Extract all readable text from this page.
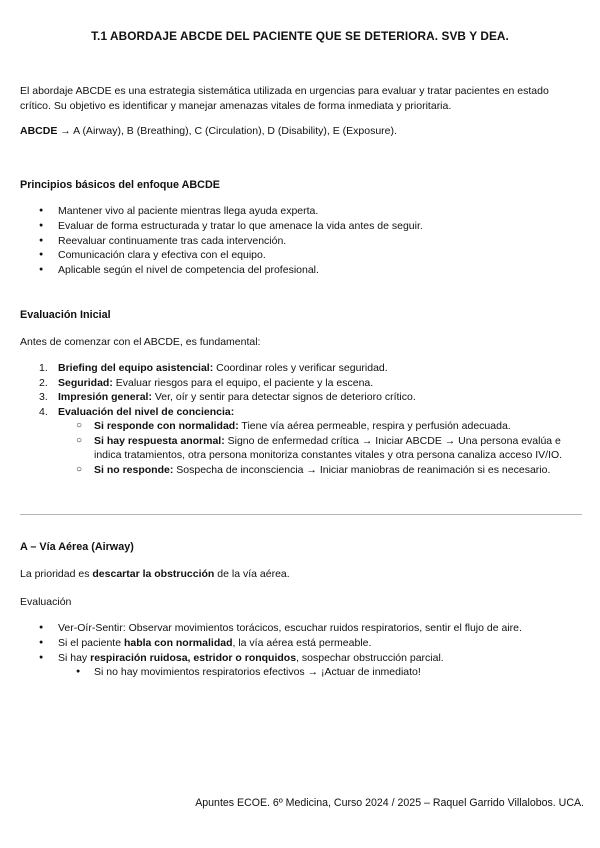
T.1 ABORDAJE ABCDE DEL PACIENTE QUE SE DETERIORA. SVB Y DEA.

El abordaje ABCDE es una estrategia sistemática utilizada en urgencias para evaluar y tratar pacientes en estado crítico. Su objetivo es identificar y manejar amenazas vitales de forma inmediata y prioritaria.

ABCDE → A (Airway), B (Breathing), C (Circulation), D (Disability), E (Exposure).

Principios básicos del enfoque ABCDE

● Mantener vivo al paciente mientras llega ayuda experta.
● Evaluar de forma estructurada y tratar lo que amenace la vida antes de seguir.
● Reevaluar continuamente tras cada intervención.
● Comunicación clara y efectiva con el equipo.
● Aplicable según el nivel de competencia del profesional.

Evaluación Inicial

Antes de comenzar con el ABCDE, es fundamental:

1. Briefing del equipo asistencial: Coordinar roles y verificar seguridad.
2. Seguridad: Evaluar riesgos para el equipo, el paciente y la escena.
3. Impresión general: Ver, oír y sentir para detectar signos de deterioro crítico.
4. Evaluación del nivel de conciencia:
○ Si responde con normalidad: Tiene vía aérea permeable, respira y perfusión adecuada.
○ Si hay respuesta anormal: Signo de enfermedad crítica → Iniciar ABCDE → Una persona evalúa e indica tratamientos, otra persona monitoriza constantes vitales y otra persona canaliza acceso IV/IO.
○ Si no responde: Sospecha de inconsciencia → Iniciar maniobras de reanimación si es necesario.

A – Vía Aérea (Airway)

La prioridad es descartar la obstrucción de la vía aérea.

Evaluación

● Ver-Oír-Sentir: Observar movimientos torácicos, escuchar ruidos respiratorios, sentir el flujo de aire.
● Si el paciente habla con normalidad, la vía aérea está permeable.
● Si hay respiración ruidosa, estridor o ronquidos, sospechar obstrucción parcial.
● Si no hay movimientos respiratorios efectivos → ¡Actuar de inmediato!
Apuntes ECOE. 6º Medicina, Curso 2024 / 2025 – Raquel Garrido Villalobos. UCA.
